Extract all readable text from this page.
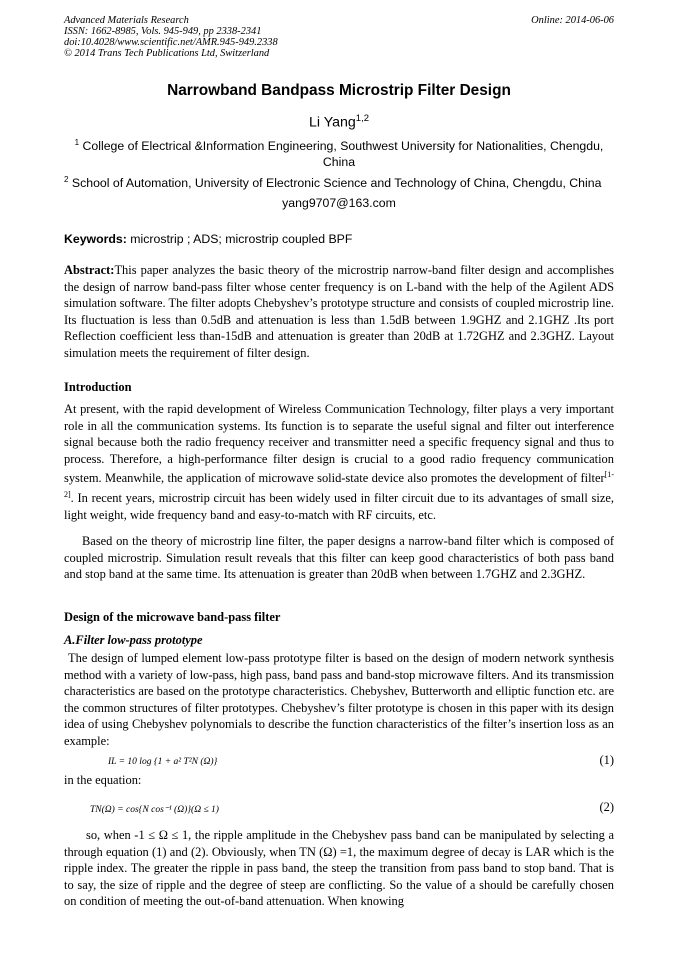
Advanced Materials Research
ISSN: 1662-8985, Vols. 945-949, pp 2338-2341
doi:10.4028/www.scientific.net/AMR.945-949.2338
© 2014 Trans Tech Publications Ltd, Switzerland
Online: 2014-06-06
Narrowband Bandpass Microstrip Filter Design
Li Yang$^{1,2}$
$^1$ College of Electrical &Information Engineering, Southwest University for Nationalities, Chengdu, China
$^2$ School of Automation, University of Electronic Science and Technology of China, Chengdu, China
yang9707@163.com
Keywords: microstrip ; ADS; microstrip coupled BPF
Abstract:This paper analyzes the basic theory of the microstrip narrow-band filter design and accomplishes the design of narrow band-pass filter whose center frequency is on L-band with the help of the Agilent ADS simulation software. The filter adopts Chebyshev’s prototype structure and consists of coupled microstrip line. Its fluctuation is less than 0.5dB and attenuation is less than 1.5dB between 1.9GHZ and 2.1GHZ .Its port Reflection coefficient less than-15dB and attenuation is greater than 20dB at 1.72GHZ and 2.3GHZ. Layout simulation meets the requirement of filter design.
Introduction
At present, with the rapid development of Wireless Communication Technology, filter plays a very important role in all the communication systems. Its function is to separate the useful signal and filter out interference signal because both the radio frequency receiver and transmitter need a specific frequency signal and thus to process. Therefore, a high-performance filter design is crucial to a good radio frequency communication system. Meanwhile, the application of microwave solid-state device also promotes the development of filter[1-2]. In recent years, microstrip circuit has been widely used in filter circuit due to its advantages of small size, light weight, wide frequency band and easy-to-match with RF circuits, etc.
Based on the theory of microstrip line filter, the paper designs a narrow-band filter which is composed of coupled microstrip. Simulation result reveals that this filter can keep good characteristics of both pass band and stop band at the same time. Its attenuation is greater than 20dB when between 1.7GHZ and 2.3GHZ.
Design of the microwave band-pass filter
A.Filter low-pass prototype
The design of lumped element low-pass prototype filter is based on the design of modern network synthesis method with a variety of low-pass, high pass, band pass and band-stop microwave filters. And its transmission characteristics are based on the prototype characteristics. Chebyshev, Butterworth and elliptic function etc. are the common structures of filter prototypes. Chebyshev’s filter prototype is chosen in this paper with its design idea of using Chebyshev polynomials to describe the function characteristics of the filter’s insertion loss as an example:
IL = 10 log {1 + a² T²N (Ω)}	(1)
in the equation:
TN(Ω) = cos{N cos⁻¹ (Ω)}(Ω ≤ 1)	(2)
so, when -1 ≤ Ω ≤ 1, the ripple amplitude in the Chebyshev pass band can be manipulated by selecting a through equation (1) and (2). Obviously, when TN (Ω) =1, the maximum degree of decay is LAR which is the ripple index. The greater the ripple in pass band, the steep the transition from pass band to stop band. That is to say, the size of ripple and the degree of steep are conflicting. So the value of a should be carefully chosen on condition of meeting the out-of-band attenuation. When knowing
